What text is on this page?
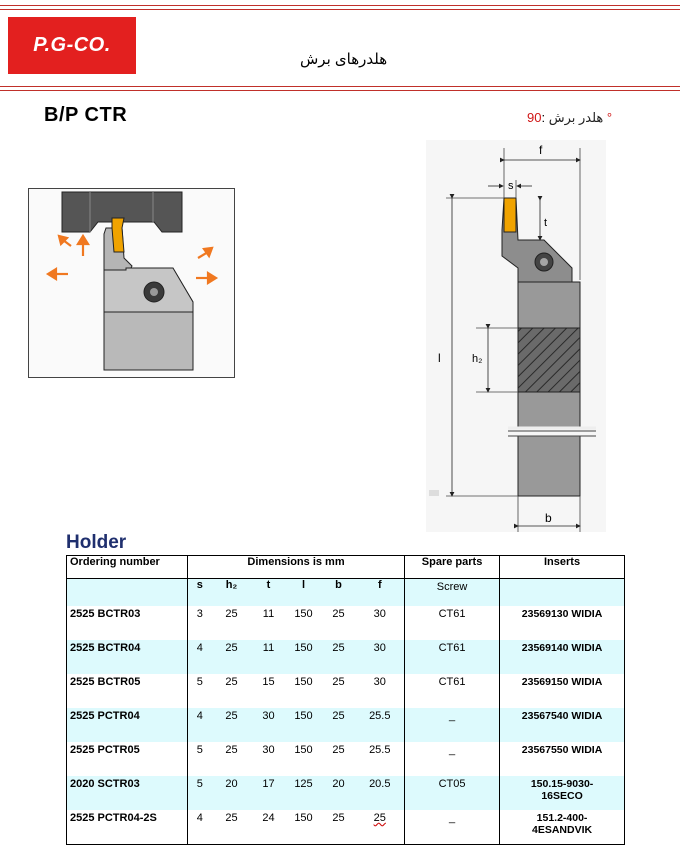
P.G-CO.
هلدرهای برش
B/P CTR	هلدر برش :90	°
f
s
t
l	h₂
b
Holder
Ordering number	Dimensions is mm						Spare parts	Inserts
	s	h₂	t	l	b	f	Screw	
2525 BCTR03	3	25	11	150	25	30	CT61	23569130 WIDIA
2525 BCTR04	4	25	11	150	25	30	CT61	23569140 WIDIA
2525 BCTR05	5	25	15	150	25	30	CT61	23569150 WIDIA
2525 PCTR04	4	25	30	150	25	25.5	_	23567540 WIDIA
2525 PCTR05	5	25	30	150	25	25.5	_	23567550 WIDIA
2020 SCTR03	5	20	17	125	20	20.5	CT05	150.15-9030-
16SECO
2525 PCTR04-2S	4	25	24	150	25	25	_	151.2-400-
4ESANDVIK
